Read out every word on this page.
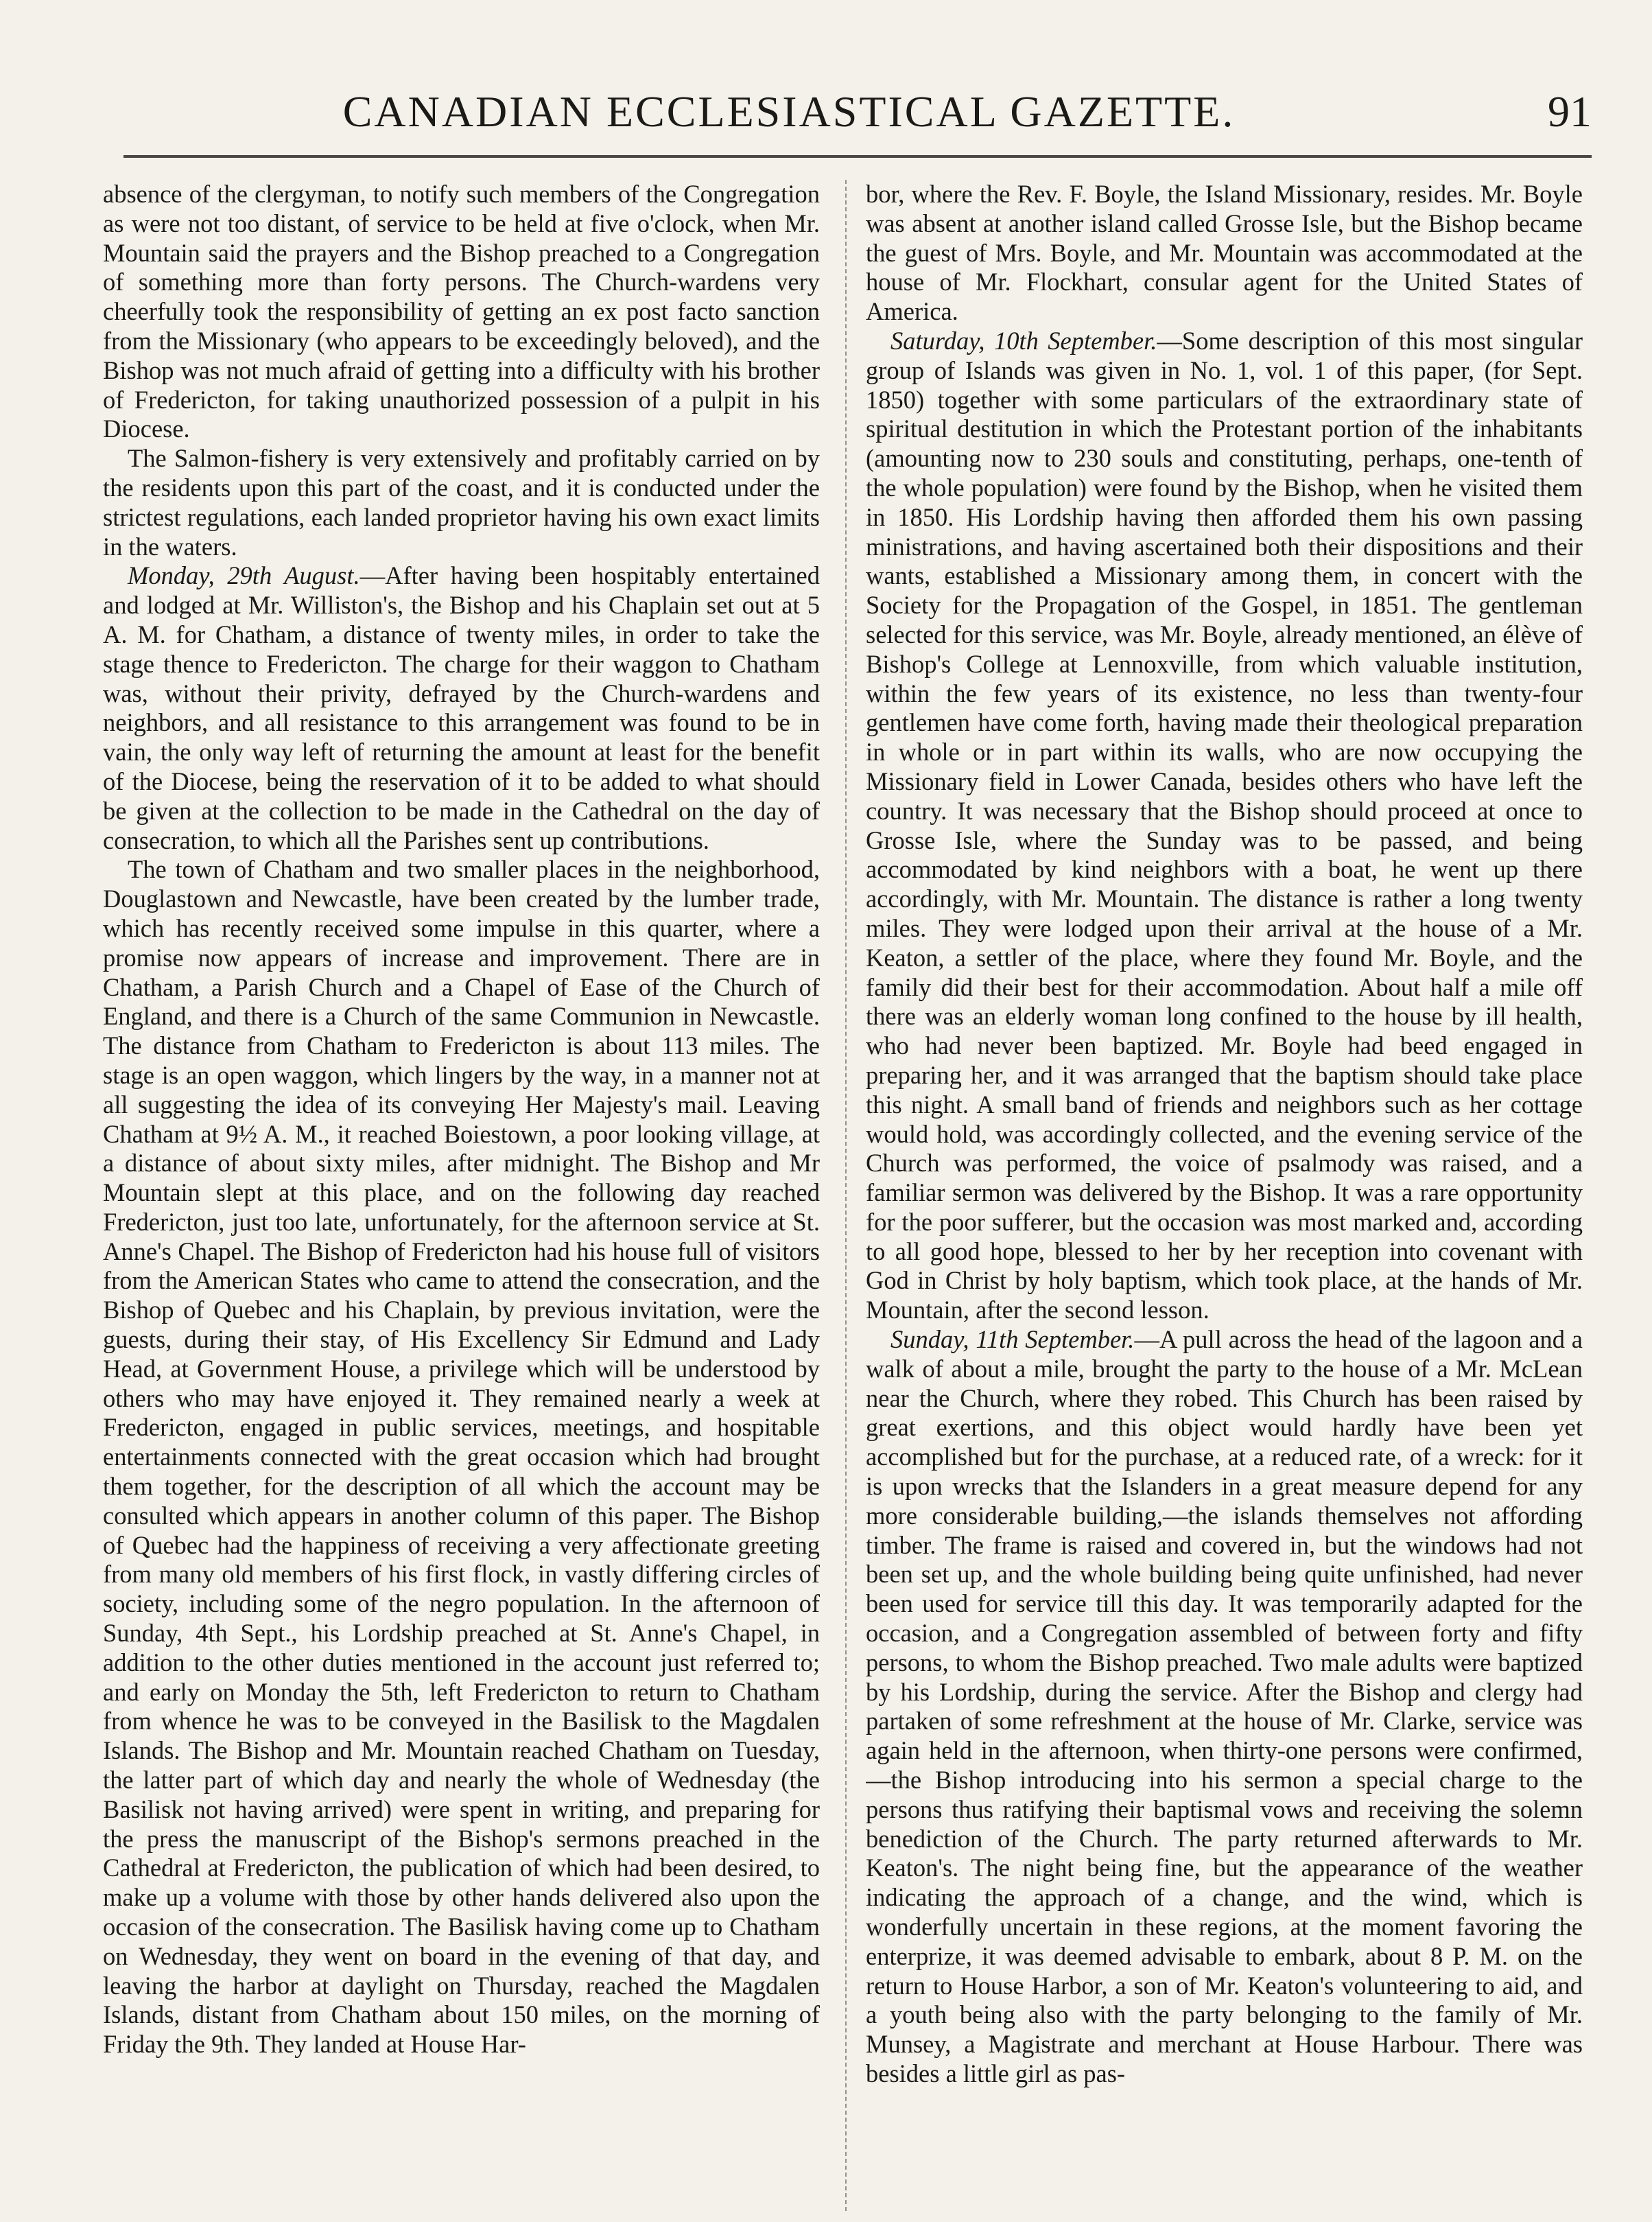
CANADIAN ECCLESIASTICAL GAZETTE.	91

absence of the clergyman, to notify such members of the Congregation as were not too distant, of service to be held at five o'clock, when Mr. Mountain said the prayers and the Bishop preached to a Congregation of something more than forty persons. The Church-wardens very cheerfully took the responsibility of getting an ex post facto sanction from the Missionary (who appears to be exceedingly beloved), and the Bishop was not much afraid of getting into a difficulty with his brother of Fredericton, for taking unauthorized possession of a pulpit in his Diocese.

The Salmon-fishery is very extensively and profitably carried on by the residents upon this part of the coast, and it is conducted under the strictest regulations, each landed proprietor having his own exact limits in the waters.

Monday, 29th August.—After having been hospitably entertained and lodged at Mr. Williston's, the Bishop and his Chaplain set out at 5 A. M. for Chatham, a distance of twenty miles, in order to take the stage thence to Fredericton. The charge for their waggon to Chatham was, without their privity, defrayed by the Church-wardens and neighbors, and all resistance to this arrangement was found to be in vain, the only way left of returning the amount at least for the benefit of the Diocese, being the reservation of it to be added to what should be given at the collection to be made in the Cathedral on the day of consecration, to which all the Parishes sent up contributions.

The town of Chatham and two smaller places in the neighborhood, Douglastown and Newcastle, have been created by the lumber trade, which has recently received some impulse in this quarter, where a promise now appears of increase and improvement. There are in Chatham, a Parish Church and a Chapel of Ease of the Church of England, and there is a Church of the same Communion in Newcastle. The distance from Chatham to Fredericton is about 113 miles. The stage is an open waggon, which lingers by the way, in a manner not at all suggesting the idea of its conveying Her Majesty's mail. Leaving Chatham at 9½ A. M., it reached Boiestown, a poor looking village, at a distance of about sixty miles, after midnight. The Bishop and Mr Mountain slept at this place, and on the following day reached Fredericton, just too late, unfortunately, for the afternoon service at St. Anne's Chapel. The Bishop of Fredericton had his house full of visitors from the American States who came to attend the consecration, and the Bishop of Quebec and his Chaplain, by previous invitation, were the guests, during their stay, of His Excellency Sir Edmund and Lady Head, at Government House, a privilege which will be understood by others who may have enjoyed it. They remained nearly a week at Fredericton, engaged in public services, meetings, and hospitable entertainments connected with the great occasion which had brought them together, for the description of all which the account may be consulted which appears in another column of this paper. The Bishop of Quebec had the happiness of receiving a very affectionate greeting from many old members of his first flock, in vastly differing circles of society, including some of the negro population. In the afternoon of Sunday, 4th Sept., his Lordship preached at St. Anne's Chapel, in addition to the other duties mentioned in the account just referred to; and early on Monday the 5th, left Fredericton to return to Chatham from whence he was to be conveyed in the Basilisk to the Magdalen Islands. The Bishop and Mr. Mountain reached Chatham on Tuesday, the latter part of which day and nearly the whole of Wednesday (the Basilisk not having arrived) were spent in writing, and preparing for the press the manuscript of the Bishop's sermons preached in the Cathedral at Fredericton, the publication of which had been desired, to make up a volume with those by other hands delivered also upon the occasion of the consecration. The Basilisk having come up to Chatham on Wednesday, they went on board in the evening of that day, and leaving the harbor at daylight on Thursday, reached the Magdalen Islands, distant from Chatham about 150 miles, on the morning of Friday the 9th. They landed at House Har-

bor, where the Rev. F. Boyle, the Island Missionary, resides. Mr. Boyle was absent at another island called Grosse Isle, but the Bishop became the guest of Mrs. Boyle, and Mr. Mountain was accommodated at the house of Mr. Flockhart, consular agent for the United States of America.

Saturday, 10th September.—Some description of this most singular group of Islands was given in No. 1, vol. 1 of this paper, (for Sept. 1850) together with some particulars of the extraordinary state of spiritual destitution in which the Protestant portion of the inhabitants (amounting now to 230 souls and constituting, perhaps, one-tenth of the whole population) were found by the Bishop, when he visited them in 1850. His Lordship having then afforded them his own passing ministrations, and having ascertained both their dispositions and their wants, established a Missionary among them, in concert with the Society for the Propagation of the Gospel, in 1851. The gentleman selected for this service, was Mr. Boyle, already mentioned, an élève of Bishop's College at Lennoxville, from which valuable institution, within the few years of its existence, no less than twenty-four gentlemen have come forth, having made their theological preparation in whole or in part within its walls, who are now occupying the Missionary field in Lower Canada, besides others who have left the country. It was necessary that the Bishop should proceed at once to Grosse Isle, where the Sunday was to be passed, and being accommodated by kind neighbors with a boat, he went up there accordingly, with Mr. Mountain. The distance is rather a long twenty miles. They were lodged upon their arrival at the house of a Mr. Keaton, a settler of the place, where they found Mr. Boyle, and the family did their best for their accommodation. About half a mile off there was an elderly woman long confined to the house by ill health, who had never been baptized. Mr. Boyle had beed engaged in preparing her, and it was arranged that the baptism should take place this night. A small band of friends and neighbors such as her cottage would hold, was accordingly collected, and the evening service of the Church was performed, the voice of psalmody was raised, and a familiar sermon was delivered by the Bishop. It was a rare opportunity for the poor sufferer, but the occasion was most marked and, according to all good hope, blessed to her by her reception into covenant with God in Christ by holy baptism, which took place, at the hands of Mr. Mountain, after the second lesson.

Sunday, 11th September.—A pull across the head of the lagoon and a walk of about a mile, brought the party to the house of a Mr. McLean near the Church, where they robed. This Church has been raised by great exertions, and this object would hardly have been yet accomplished but for the purchase, at a reduced rate, of a wreck: for it is upon wrecks that the Islanders in a great measure depend for any more considerable building,—the islands themselves not affording timber. The frame is raised and covered in, but the windows had not been set up, and the whole building being quite unfinished, had never been used for service till this day. It was temporarily adapted for the occasion, and a Congregation assembled of between forty and fifty persons, to whom the Bishop preached. Two male adults were baptized by his Lordship, during the service. After the Bishop and clergy had partaken of some refreshment at the house of Mr. Clarke, service was again held in the afternoon, when thirty-one persons were confirmed,—the Bishop introducing into his sermon a special charge to the persons thus ratifying their baptismal vows and receiving the solemn benediction of the Church. The party returned afterwards to Mr. Keaton's. The night being fine, but the appearance of the weather indicating the approach of a change, and the wind, which is wonderfully uncertain in these regions, at the moment favoring the enterprize, it was deemed advisable to embark, about 8 P. M. on the return to House Harbor, a son of Mr. Keaton's volunteering to aid, and a youth being also with the party belonging to the family of Mr. Munsey, a Magistrate and merchant at House Harbour. There was besides a little girl as pas-
